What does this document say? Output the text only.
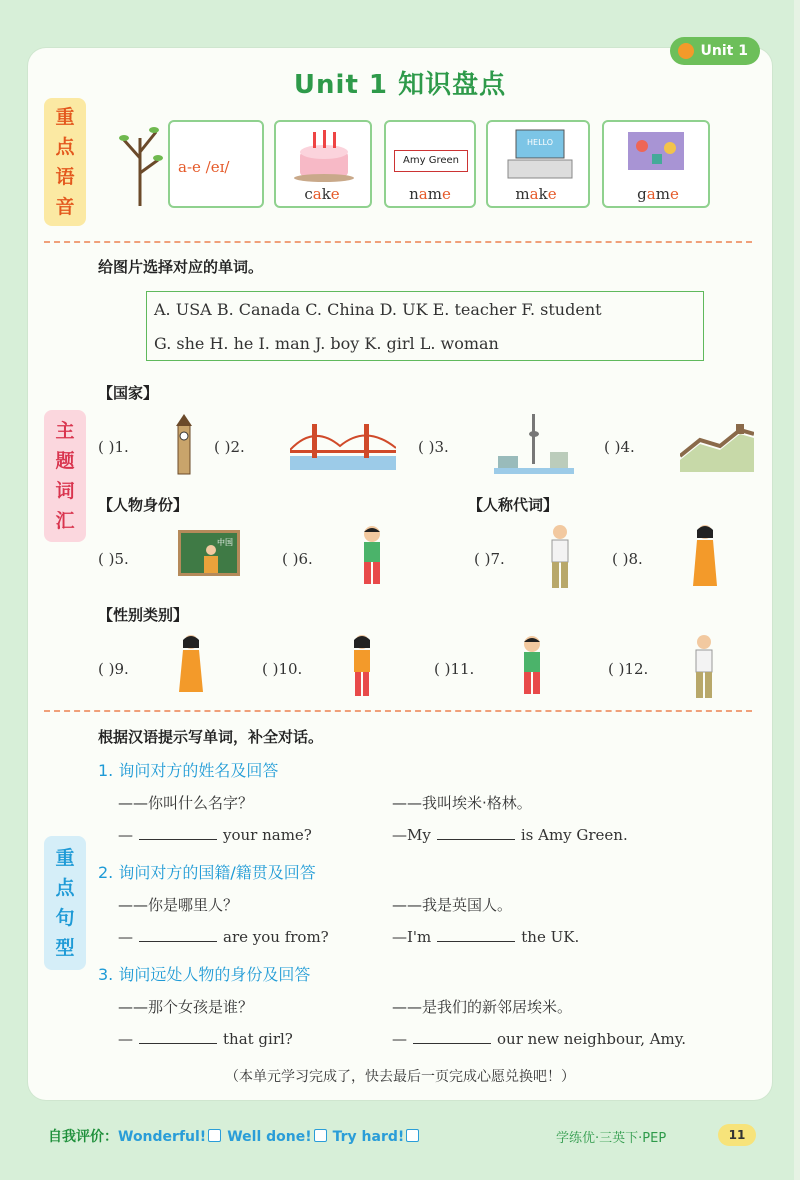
Unit 1
Unit 1 知识盘点
重
点
语
音
主
题
词
汇
重
点
句
型
a-e /eɪ/	Amy Green
HELLO
cake	name	make	game
给图片选择对应的单词。
A. USA B. Canada C. China D. UK E. teacher F. student
G. she H. he I. man J. boy K. girl L. woman
【国家】
( )1.	( )2.	( )3.	( )4.
【人物身份】	【人称代词】
( )5.
中国
( )6.	( )7.	( )8.
【性别类别】
( )9.	( )10.	( )11.	( )12.
根据汉语提示写单词，补全对话。
1. 询问对方的姓名及回答
——你叫什么名字？	——我叫埃米·格林。
—	your name?	—My	is Amy Green.
2. 询问对方的国籍/籍贯及回答
——你是哪里人？	——我是英国人。
—	are you from?	—I'm	the UK.
3. 询问远处人物的身份及回答
——那个女孩是谁？	——是我们的新邻居埃米。
—	that girl?	—	our new neighbour, Amy.
（本单元学习完成了，快去最后一页完成心愿兑换吧！）
自我评价：Wonderful! Well done! Try hard!	学练优·三英下·PEP	11
